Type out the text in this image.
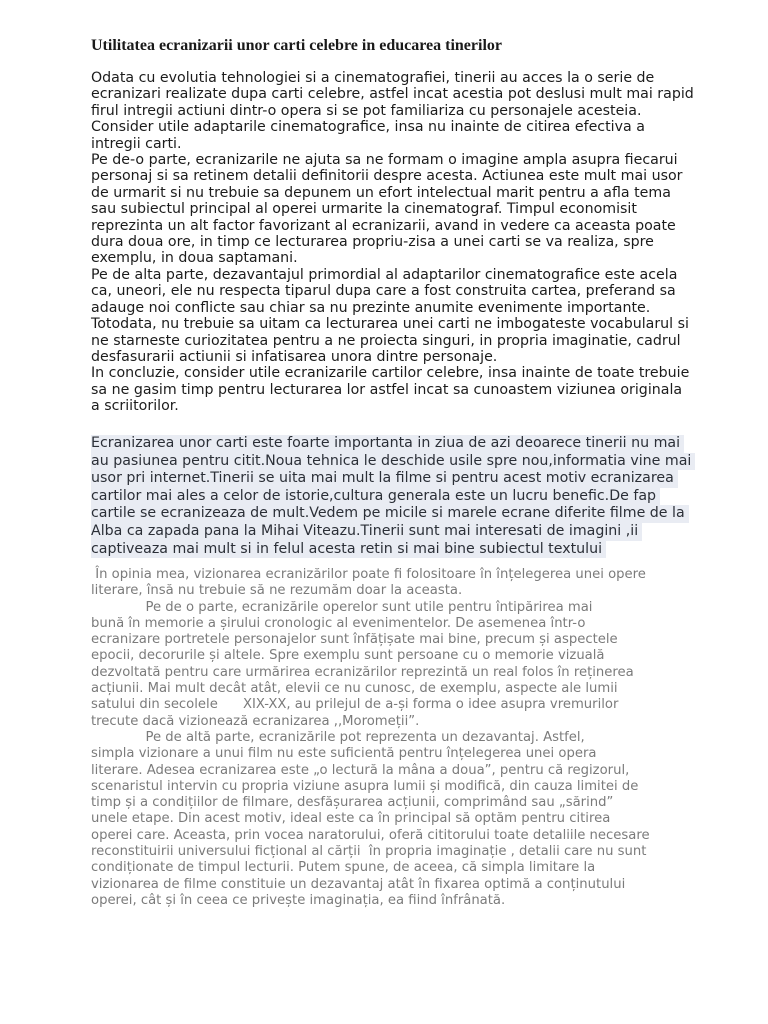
Utilitatea ecranizarii unor carti celebre in educarea tinerilor
Odata cu evolutia tehnologiei si a cinematografiei, tinerii au acces la o serie de
ecranizari realizate dupa carti celebre, astfel incat acestia pot deslusi mult mai rapid
firul intregii actiuni dintr-o opera si se pot familiariza cu personajele acesteia.
Consider utile adaptarile cinematografice, insa nu inainte de citirea efectiva a
intregii carti.
Pe de-o parte, ecranizarile ne ajuta sa ne formam o imagine ampla asupra fiecarui
personaj si sa retinem detalii definitorii despre acesta. Actiunea este mult mai usor
de urmarit si nu trebuie sa depunem un efort intelectual marit pentru a afla tema
sau subiectul principal al operei urmarite la cinematograf. Timpul economisit
reprezinta un alt factor favorizant al ecranizarii, avand in vedere ca aceasta poate
dura doua ore, in timp ce lecturarea propriu-zisa a unei carti se va realiza, spre
exemplu, in doua saptamani.
Pe de alta parte, dezavantajul primordial al adaptarilor cinematografice este acela
ca, uneori, ele nu respecta tiparul dupa care a fost construita cartea, preferand sa
adauge noi conflicte sau chiar sa nu prezinte anumite evenimente importante.
Totodata, nu trebuie sa uitam ca lecturarea unei carti ne imbogateste vocabularul si
ne starneste curiozitatea pentru a ne proiecta singuri, in propria imaginatie, cadrul
desfasurarii actiunii si infatisarea unora dintre personaje.
In concluzie, consider utile ecranizarile cartilor celebre, insa inainte de toate trebuie
sa ne gasim timp pentru lecturarea lor astfel incat sa cunoastem viziunea originala
a scriitorilor.
Ecranizarea unor carti este foarte importanta in ziua de azi deoarece tinerii nu mai
au pasiunea pentru citit.Noua tehnica le deschide usile spre nou,informatia vine mai
usor pri internet.Tinerii se uita mai mult la filme si pentru acest motiv ecranizarea
cartilor mai ales a celor de istorie,cultura generala este un lucru benefic.De fap
cartile se ecranizeaza de mult.Vedem pe micile si marele ecrane diferite filme de la
Alba ca zapada pana la Mihai Viteazu.Tinerii sunt mai interesati de imagini ,ii
captiveaza mai mult si in felul acesta retin si mai bine subiectul textului
În opinia mea, vizionarea ecranizărilor poate fi folositoare în înțelegerea unei opere
literare, însă nu trebuie să ne rezumăm doar la aceasta.
Pe de o parte, ecranizările operelor sunt utile pentru întipărirea mai
bună în memorie a șirului cronologic al evenimentelor. De asemenea într-o
ecranizare portretele personajelor sunt înfățișate mai bine, precum și aspectele
epocii, decorurile și altele. Spre exemplu sunt persoane cu o memorie vizuală
dezvoltată pentru care urmărirea ecranizărilor reprezintă un real folos în reținerea
acțiunii. Mai mult decât atât, elevii ce nu cunosc, de exemplu, aspecte ale lumii
satului din secolele      XIX-XX, au prilejul de a-și forma o idee asupra vremurilor
trecute dacă vizionează ecranizarea ,,Moromeții”.
Pe de altă parte, ecranizările pot reprezenta un dezavantaj. Astfel,
simpla vizionare a unui film nu este suficientă pentru înțelegerea unei opera
literare. Adesea ecranizarea este „o lectură la mâna a doua”, pentru că regizorul,
scenaristul intervin cu propria viziune asupra lumii și modifică, din cauza limitei de
timp și a condițiilor de filmare, desfășurarea acțiunii, comprimând sau „sărind”
unele etape. Din acest motiv, ideal este ca în principal să optăm pentru citirea
operei care. Aceasta, prin vocea naratorului, oferă cititorului toate detaliile necesare
reconstituirii universului ficțional al cărții  în propria imaginație , detalii care nu sunt
condiționate de timpul lecturii. Putem spune, de aceea, că simpla limitare la
vizionarea de filme constituie un dezavantaj atât în fixarea optimă a conținutului
operei, cât și în ceea ce privește imaginația, ea fiind înfrânată.
